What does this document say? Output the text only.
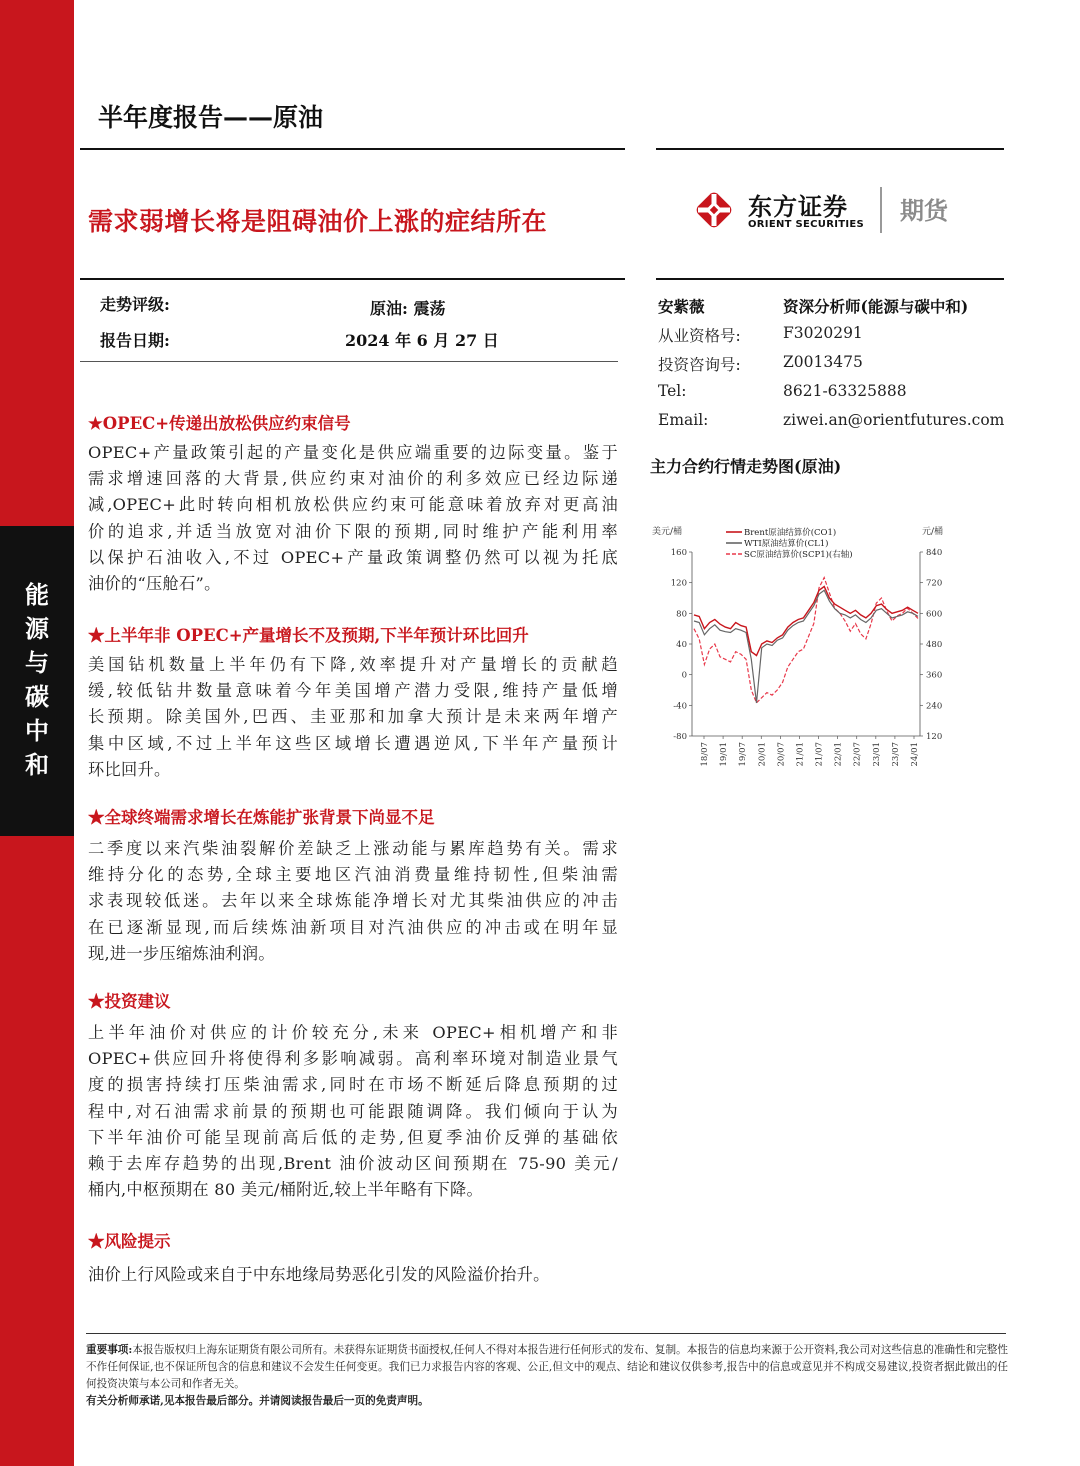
能
源
与
碳
中
和
半年度报告——原油
需求弱增长将是阻碍油价上涨的症结所在	东方证券
ORIENT SECURITIES 期货
走势评级:	原油: 震荡
报告日期:	2024 年 6 月 27 日
安紫薇	资深分析师(能源与碳中和)
从业资格号:	F3020291
投资咨询号:	Z0013475
Tel:	8621-63325888
Email:	ziwei.an@orientfutures.com
主力合约行情走势图(原油)
美元/桶	元/桶
160
120
80
40
0
-40
-80
840
720
600
480
360
240
120
18/07 19/01 19/07 20/01 20/07 21/01 21/07 22/01 22/07 23/01 23/07 24/01
Brent原油结算价(CO1)
WTI原油结算价(CL1)
SC原油结算价(SCP1)(右轴)
★OPEC+传递出放松供应约束信号

OPEC+产量政策引起的产量变化是供应端重要的边际变量。鉴于

需求增速回落的大背景,供应约束对油价的利多效应已经边际递

减,OPEC+此时转向相机放松供应约束可能意味着放弃对更高油

价的追求,并适当放宽对油价下限的预期,同时维护产能利用率

以保护石油收入,不过 OPEC+产量政策调整仍然可以视为托底

油价的“压舱石”。

★上半年非 OPEC+产量增长不及预期,下半年预计环比回升

美国钻机数量上半年仍有下降,效率提升对产量增长的贡献趋

缓,较低钻井数量意味着今年美国增产潜力受限,维持产量低增

长预期。除美国外,巴西、圭亚那和加拿大预计是未来两年增产

集中区域,不过上半年这些区域增长遭遇逆风,下半年产量预计

环比回升。

★全球终端需求增长在炼能扩张背景下尚显不足

二季度以来汽柴油裂解价差缺乏上涨动能与累库趋势有关。需求

维持分化的态势,全球主要地区汽油消费量维持韧性,但柴油需

求表现较低迷。去年以来全球炼能净增长对尤其柴油供应的冲击

在已逐渐显现,而后续炼油新项目对汽油供应的冲击或在明年显

现,进一步压缩炼油利润。

★投资建议

上半年油价对供应的计价较充分,未来 OPEC+相机增产和非

OPEC+供应回升将使得利多影响减弱。高利率环境对制造业景气

度的损害持续打压柴油需求,同时在市场不断延后降息预期的过

程中,对石油需求前景的预期也可能跟随调降。我们倾向于认为

下半年油价可能呈现前高后低的走势,但夏季油价反弹的基础依

赖于去库存趋势的出现,Brent 油价波动区间预期在 75-90 美元/

桶内,中枢预期在 80 美元/桶附近,较上半年略有下降。

★风险提示

油价上行风险或来自于中东地缘局势恶化引发的风险溢价抬升。

重要事项:本报告版权归上海东证期货有限公司所有。未获得东证期货书面授权,任何人不得对本报告进行任何形式的发布、复制。本报告的信息均来源于公开资料,我公司对这些信息的准确性和完整性不作任何保证,也不保证所包含的信息和建议不会发生任何变更。我们已力求报告内容的客观、公正,但文中的观点、结论和建议仅供参考,报告中的信息或意见并不构成交易建议,投资者据此做出的任何投资决策与本公司和作者无关。

有关分析师承诺,见本报告最后部分。并请阅读报告最后一页的免责声明。
